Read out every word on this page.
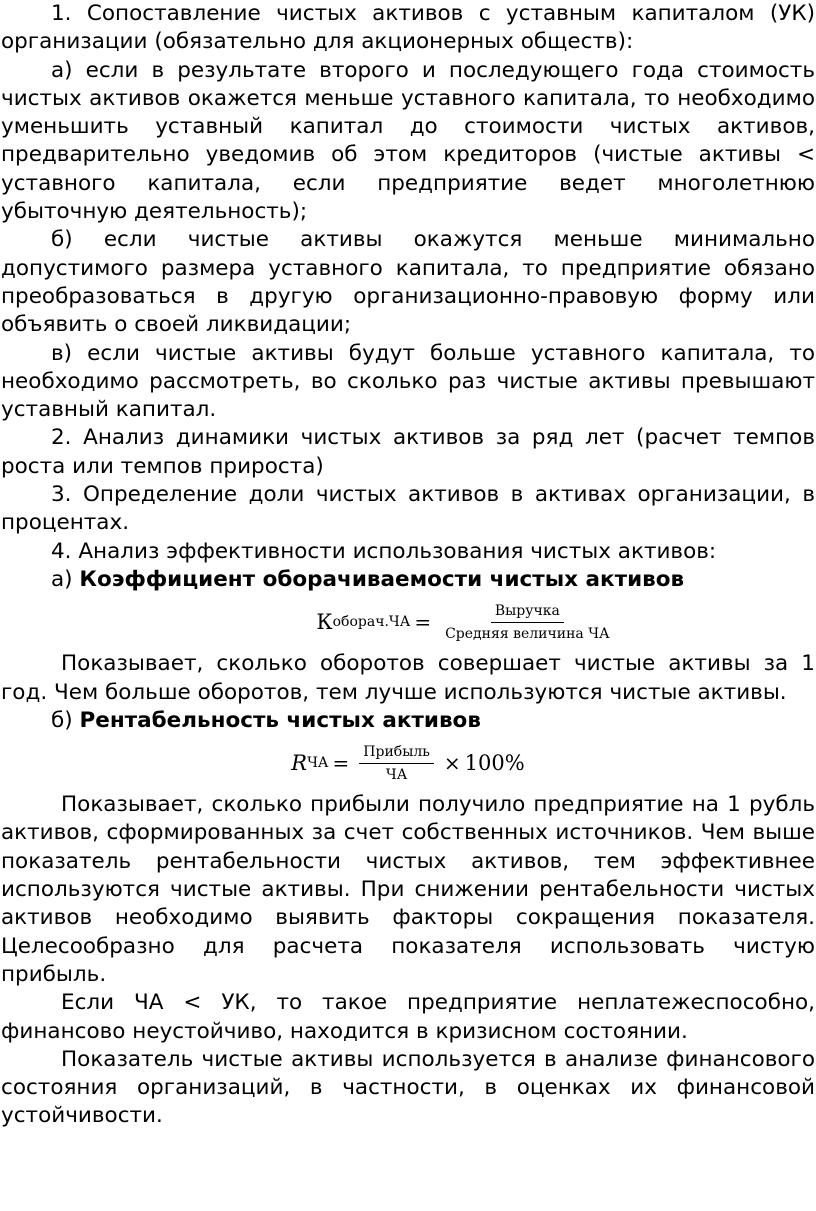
1. Сопоставление чистых активов с уставным капиталом (УК) организации (обязательно для акционерных обществ):

а) если в результате второго и последующего года стоимость чистых активов окажется меньше уставного капитала, то необходимо уменьшить уставный капитал до стоимости чистых активов, предварительно уведомив об этом кредиторов (чистые активы < уставного капитала, если предприятие ведет многолетнюю убыточную деятельность);

б) если чистые активы окажутся меньше минимально допустимого размера уставного капитала, то предприятие обязано преобразоваться в другую организационно-правовую форму или объявить о своей ликвидации;

в) если чистые активы будут больше уставного капитала, то необходимо рассмотреть, во сколько раз чистые активы превышают уставный капитал.

2. Анализ динамики чистых активов за ряд лет (расчет темпов роста или темпов прироста)

3. Определение доли чистых активов в активах организации, в процентах.

4. Анализ эффективности использования чистых активов:

а) Коэффициент оборачиваемости чистых активов

К оборач.ЧА = $\frac{\text{Выручка}}{\text{Средняя величина ЧА}}$

Показывает, сколько оборотов совершает чистые активы за 1 год. Чем больше оборотов, тем лучше используются чистые активы.

б) Рентабельность чистых активов

R ЧА = $\frac{\text{Прибыль}}{ЧА} \times 100\%$

Показывает, сколько прибыли получило предприятие на 1 рубль активов, сформированных за счет собственных источников. Чем выше показатель рентабельности чистых активов, тем эффективнее используются чистые активы. При снижении рентабельности чистых активов необходимо выявить факторы сокращения показателя. Целесообразно для расчета показателя использовать чистую прибыль.

Если ЧА < УК, то такое предприятие неплатежеспособно, финансово неустойчиво, находится в кризисном состоянии.

Показатель чистые активы используется в анализе финансового состояния организаций, в частности, в оценках их финансовой устойчивости.
